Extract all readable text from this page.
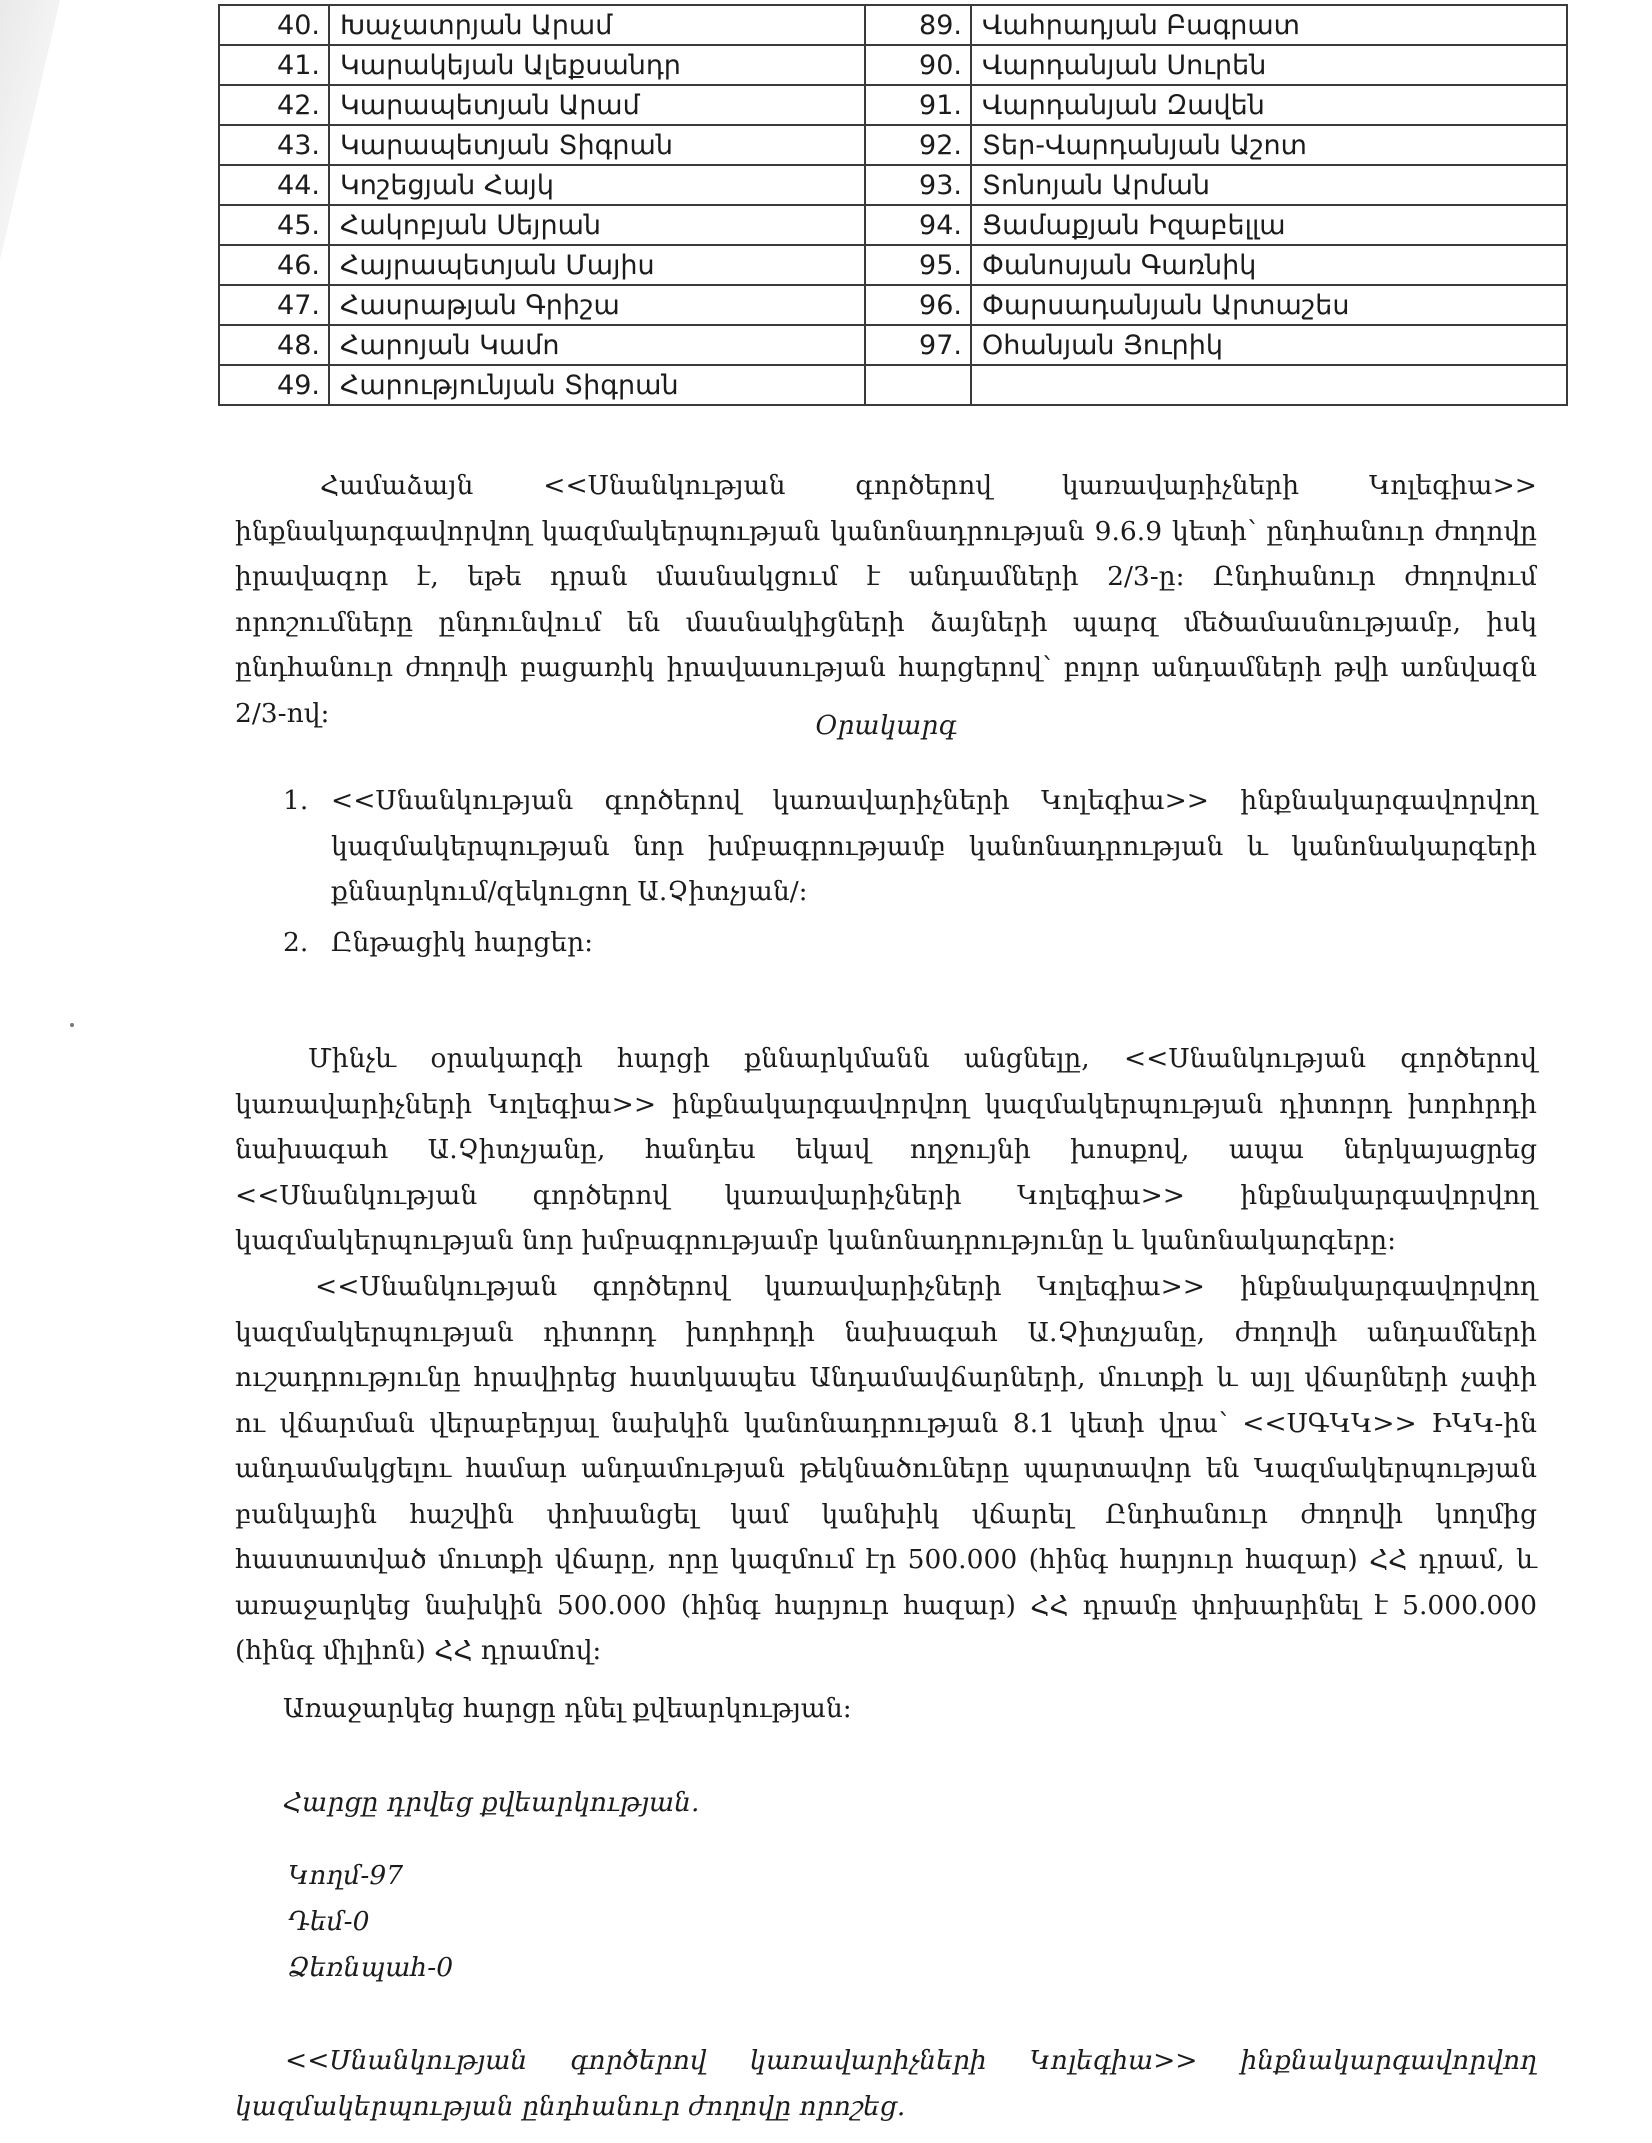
40.	Խաչատրյան Արամ	89.	Վաhրադյան Բագրատ
41.	Կարակեյան Ալեքսանդր	90.	Վարդանյան Սուրեն
42.	Կարապետյան Արամ	91.	Վարդանյան Զավեն
43.	Կարապետյան Տիգրան	92.	Տեր-Վարդանյան Աշոտ
44.	Կոշեցյան Հայկ	93.	Տոնոյան Արման
45.	Հակոբյան Սեյրան	94.	Ցամաքյան Իզաբելլա
46.	Հայրապետյան Մայիս	95.	Փանոսյան Գառնիկ
47.	Հասրաթյան Գրիշա	96.	Փարսադանյան Արտաշես
48.	Հարոյան Կամո	97.	Օհանյան Յուրիկ
49.	Հարությունյան Տիգրան		
Համաձայն <<Սնանկության գործերով կառավարիչների Կոլեգիա>> ինքնակարգավորվող կազմակերպության կանոնադրության 9.6.9 կետի՝ ընդհանուր ժողովը իրավազոր է, եթե դրան մասնակցում է անդամների 2/3-ը: Ընդհանուր ժողովում որոշումները ընդունվում են մասնակիցների ձայների պարզ մեծամասնությամբ, իսկ ընդհանուր ժողովի բացառիկ իրավասության հարցերով՝ բոլոր անդամների թվի առնվազն 2/3-ով:	Օրակարգ
1. <<Սնանկության գործերով կառավարիչների Կոլեգիա>> ինքնակարգավորվող կազմակերպության նոր խմբագրությամբ կանոնադրության և կանոնակարգերի քննարկում/զեկուցող Ա.Չիտչյան/:
2. Ընթացիկ հարցեր:
Մինչև օրակարգի հարցի քննարկմանն անցնելը, <<Սնանկության գործերով կառավարիչների Կոլեգիա>> ինքնակարգավորվող կազմակերպության դիտորդ խորհրդի նախագահ Ա.Չիտչյանը, հանդես եկավ ողջույնի խոսքով, ապա ներկայացրեց <<Սնանկության գործերով կառավարիչների Կոլեգիա>> ինքնակարգավորվող կազմակերպության նոր խմբագրությամբ կանոնադրությունը և կանոնակարգերը:
<<Սնանկության գործերով կառավարիչների Կոլեգիա>> ինքնակարգավորվող կազմակերպության դիտորդ խորհրդի նախագահ Ա.Չիտչյանը, ժողովի անդամների ուշադրությունը հրավիրեց հատկապես Անդամավճարների, մուտքի և այլ վճարների չափի ու վճարման վերաբերյալ նախկին կանոնադրության 8.1 կետի վրա՝ <<ՍԳԿԿ>> ԻԿԿ-ին անդամակցելու համար անդամության թեկնածուները պարտավոր են Կազմակերպության բանկային հաշվին փոխանցել կամ կանխիկ վճարել Ընդհանուր ժողովի կողմից հաստատված մուտքի վճարը, որը կազմում էր 500.000 (հինգ հարյուր հազար) ՀՀ դրամ, և առաջարկեց նախկին 500.000 (հինգ հարյուր հազար) ՀՀ դրամը փոխարինել է 5.000.000 (հինգ միլիոն) ՀՀ դրամով:
Առաջարկեց հարցը դնել քվեարկության:
Հարցը դրվեց քվեարկության.
Կողմ-97
Դեմ-0
Ձեռնպահ-0
<<Սնանկության գործերով կառավարիչների Կոլեգիա>> ինքնակարգավորվող կազմակերպության ընդհանուր ժողովը որոշեց.
